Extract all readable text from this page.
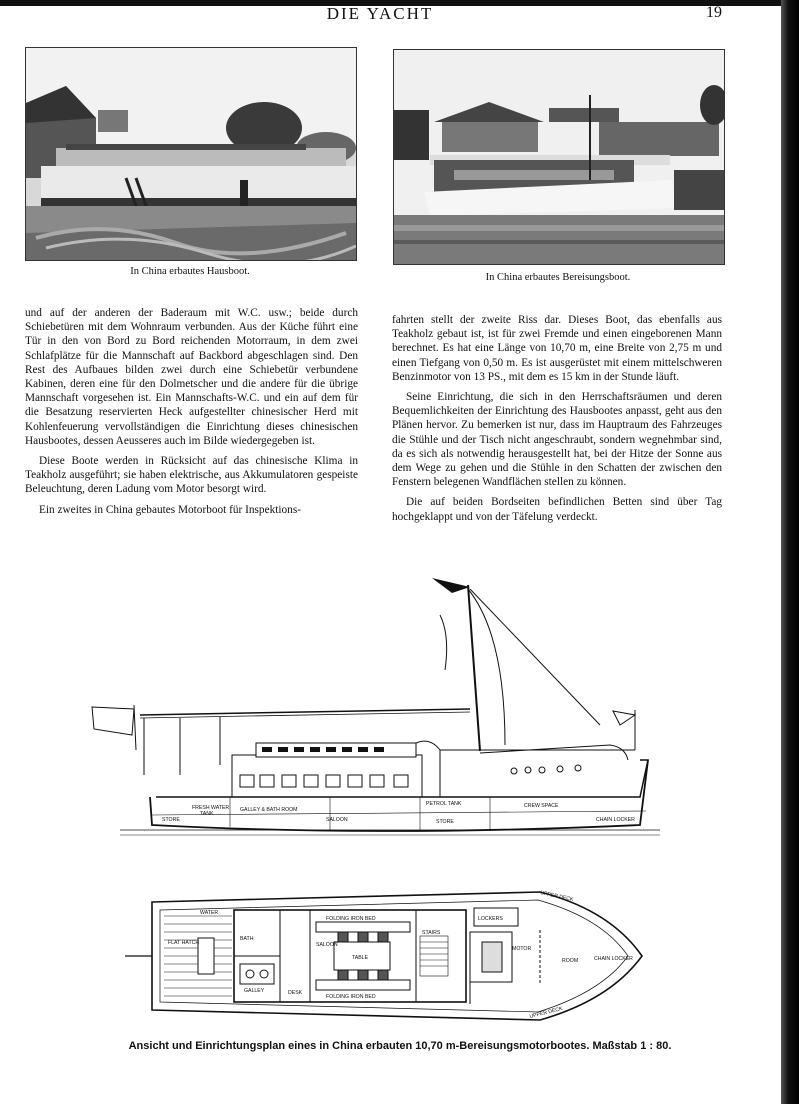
DIE YACHT	19
In China erbautes Hausboot.
In China erbautes Bereisungsboot.

und auf der anderen der Baderaum mit W.C. usw.; beide durch Schiebetüren mit dem Wohnraum verbunden. Aus der Küche führt eine Tür in den von Bord zu Bord reichenden Motorraum, in dem zwei Schlafplätze für die Mannschaft auf Backbord abgeschlagen sind. Den Rest des Aufbaues bilden zwei durch eine Schiebetür verbundene Kabinen, deren eine für den Dolmetscher und die andere für die übrige Mannschaft vorgesehen ist. Ein Mannschafts-W.C. und ein auf dem für die Besatzung reservierten Heck aufgestellter chinesischer Herd mit Kohlenfeuerung vervollständigen die Einrichtung dieses chinesischen Hausbootes, dessen Aeusseres auch im Bilde wiedergegeben ist.

Diese Boote werden in Rücksicht auf das chinesische Klima in Teakholz ausgeführt; sie haben elektrische, aus Akkumulatoren gespeiste Beleuchtung, deren Ladung vom Motor besorgt wird.

Ein zweites in China gebautes Motorboot für Inspektions-

fahrten stellt der zweite Riss dar. Dieses Boot, das ebenfalls aus Teakholz gebaut ist, ist für zwei Fremde und einen eingeborenen Mann berechnet. Es hat eine Länge von 10,70 m, eine Breite von 2,75 m und einen Tiefgang von 0,50 m. Es ist ausgerüstet mit einem mittelschweren Benzinmotor von 13 PS., mit dem es 15 km in der Stunde läuft.

Seine Einrichtung, die sich in den Herrschaftsräumen und deren Bequemlichkeiten der Einrichtung des Hausbootes anpasst, geht aus den Plänen hervor. Zu bemerken ist nur, dass im Hauptraum des Fahrzeuges die Stühle und der Tisch nicht angeschraubt, sondern wegnehmbar sind, da es sich als notwendig herausgestellt hat, bei der Hitze der Sonne aus dem Wege zu gehen und die Stühle in den Schatten der zwischen den Fenstern belegenen Wandflächen stellen zu können.

Die auf beiden Bordseiten befindlichen Betten sind über Tag hochgeklappt und von der Täfelung verdeckt.

STORE
FRESH WATER
TANK
GALLEY & BATH ROOM
SALOON	STORE
PETROL TANK	CREW SPACE
CHAIN LOCKER
UPPER DECK
UPPER DECK
FOLDING IRON BED
FOLDING IRON BED
LOCKERS
BATH
SALOON
TABLE
GALLEY
MOTOR
ROOM
STAIRS
DESK
CHAIN LOCKER
WATER
FLAT HATCH
Ansicht und Einrichtungsplan eines in China erbauten 10,70 m-Bereisungsmotorbootes. Maßstab 1 : 80.
